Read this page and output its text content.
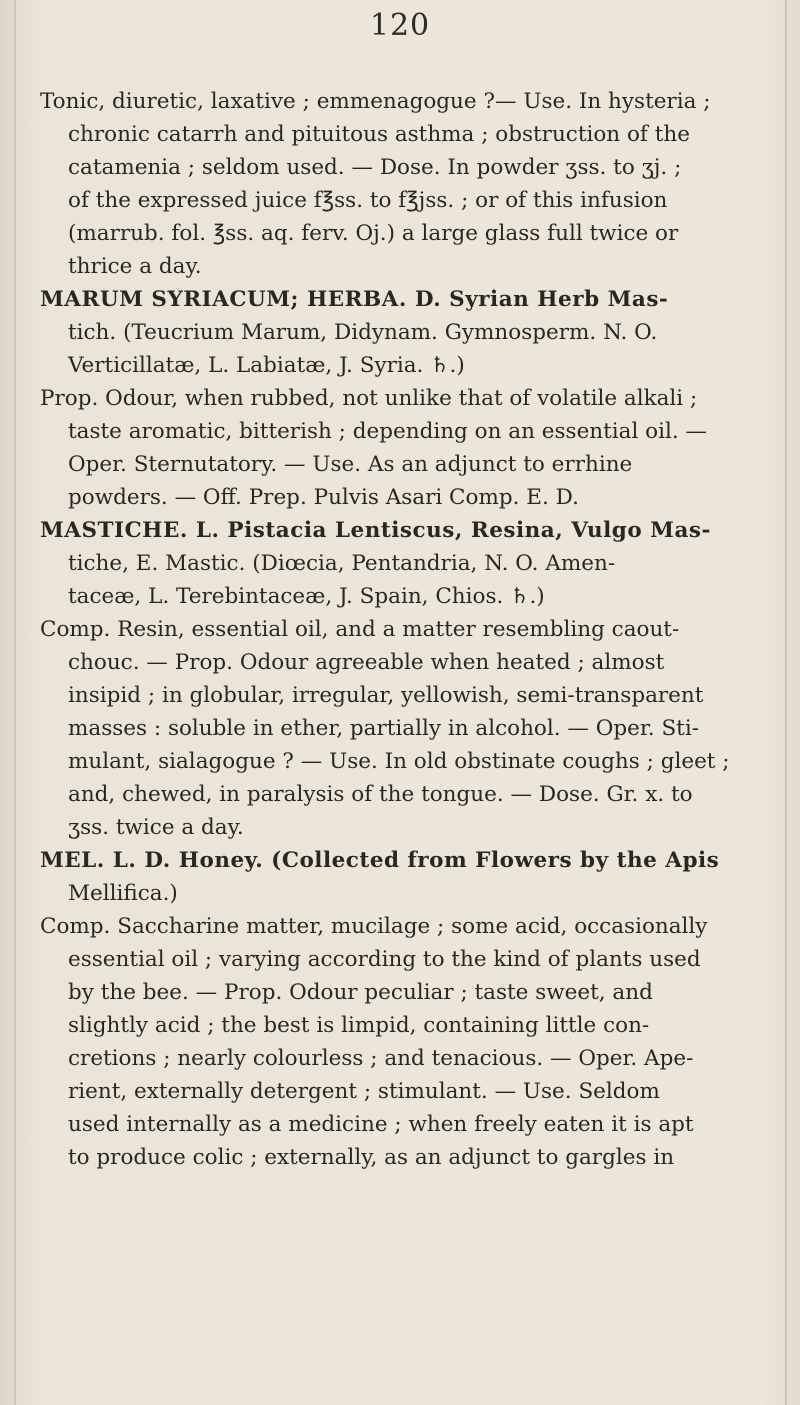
120
Tonic, diuretic, laxative ; emmenagogue ?— Use. In hysteria ;
chronic catarrh and pituitous asthma ; obstruction of the
catamenia ; seldom used. — Dose. In powder ʒss. to ʒj. ;
of the expressed juice f℥ss. to f℥jss. ; or of this infusion
(marrub. fol. ℥ss. aq. ferv. Oj.) a large glass full twice or
thrice a day.
MARUM SYRIACUM; HERBA. D. Syrian Herb Mas-
tich. (Teucrium Marum, Didynam. Gymnosperm. N. O.
Verticillatæ, L. Labiatæ, J. Syria. ♄.)
Prop. Odour, when rubbed, not unlike that of volatile alkali ;
taste aromatic, bitterish ; depending on an essential oil. —
Oper. Sternutatory. — Use. As an adjunct to errhine
powders. — Off. Prep. Pulvis Asari Comp. E. D.
MASTICHE. L. Pistacia Lentiscus, Resina, Vulgo Mas-
tiche, E. Mastic. (Diœcia, Pentandria, N. O. Amen-
taceæ, L. Terebintaceæ, J. Spain, Chios. ♄.)
Comp. Resin, essential oil, and a matter resembling caout-
chouc. — Prop. Odour agreeable when heated ; almost
insipid ; in globular, irregular, yellowish, semi-transparent
masses : soluble in ether, partially in alcohol. — Oper. Sti-
mulant, sialagogue ? — Use. In old obstinate coughs ; gleet ;
and, chewed, in paralysis of the tongue. — Dose. Gr. x. to
ʒss. twice a day.
MEL. L. D. Honey. (Collected from Flowers by the Apis
Mellifica.)
Comp. Saccharine matter, mucilage ; some acid, occasionally
essential oil ; varying according to the kind of plants used
by the bee. — Prop. Odour peculiar ; taste sweet, and
slightly acid ; the best is limpid, containing little con-
cretions ; nearly colourless ; and tenacious. — Oper. Ape-
rient, externally detergent ; stimulant. — Use. Seldom
used internally as a medicine ; when freely eaten it is apt
to produce colic ; externally, as an adjunct to gargles in
